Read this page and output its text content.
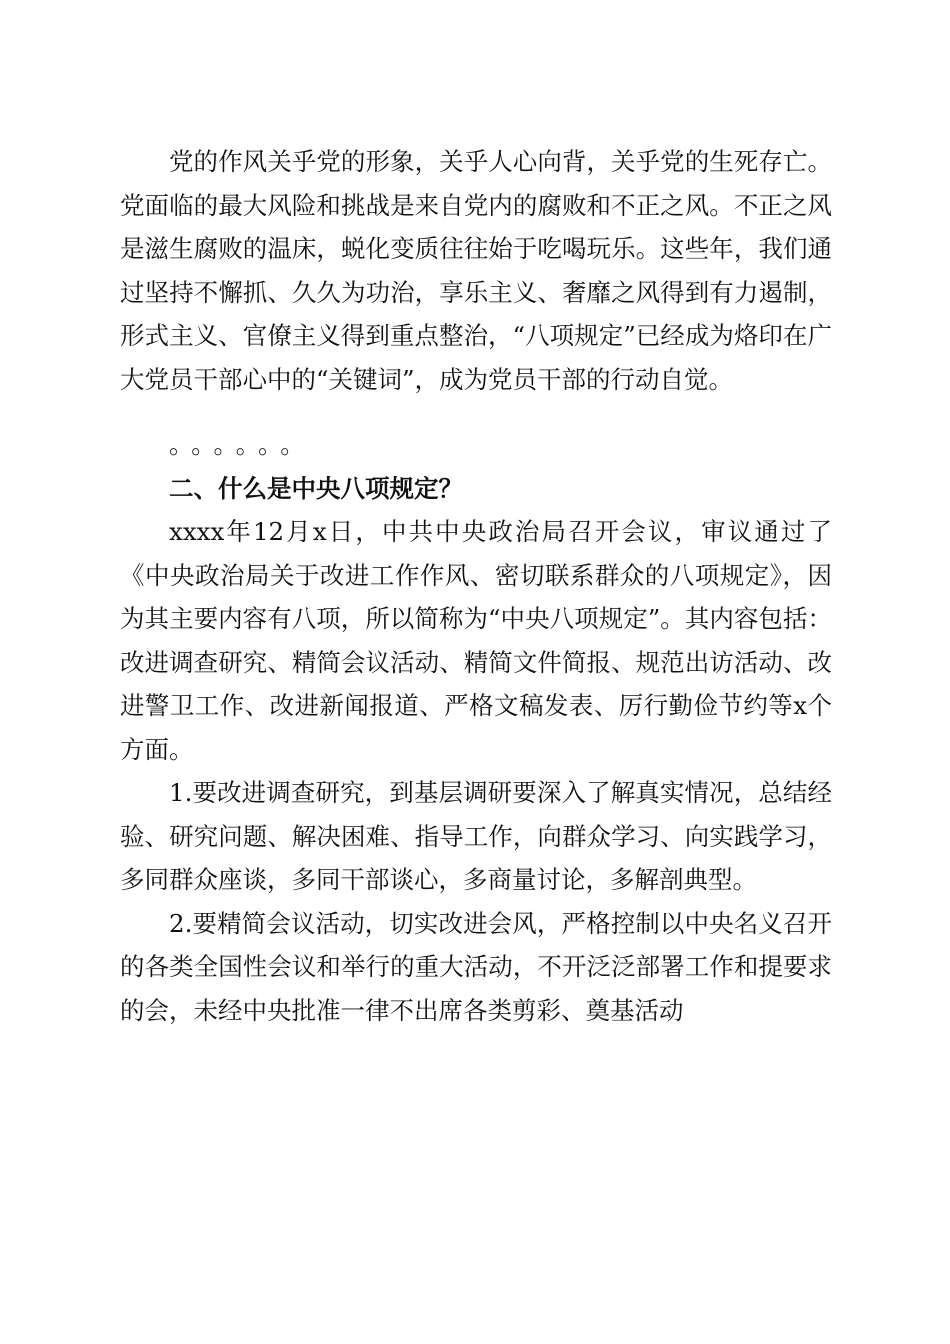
党的作风关乎党的形象，关乎人心向背，关乎党的生死存亡。党面临的最大风险和挑战是来自党内的腐败和不正之风。不正之风是滋生腐败的温床，蜕化变质往往始于吃喝玩乐。这些年，我们通过坚持不懈抓、久久为功治，享乐主义、奢靡之风得到有力遏制，形式主义、官僚主义得到重点整治，“八项规定”已经成为烙印在广大党员干部心中的“关键词”，成为党员干部的行动自觉。

。。。。。。

二、什么是中央八项规定？

xxxx年12月x日，中共中央政治局召开会议，审议通过了《中央政治局关于改进工作作风、密切联系群众的八项规定》，因为其主要内容有八项，所以简称为“中央八项规定”。其内容包括：改进调查研究、精简会议活动、精简文件简报、规范出访活动、改进警卫工作、改进新闻报道、严格文稿发表、厉行勤俭节约等x个方面。

1.要改进调查研究，到基层调研要深入了解真实情况，总结经验、研究问题、解决困难、指导工作，向群众学习、向实践学习，多同群众座谈，多同干部谈心，多商量讨论，多解剖典型。

2.要精简会议活动，切实改进会风，严格控制以中央名义召开的各类全国性会议和举行的重大活动，不开泛泛部署工作和提要求的会，未经中央批准一律不出席各类剪彩、奠基活动
